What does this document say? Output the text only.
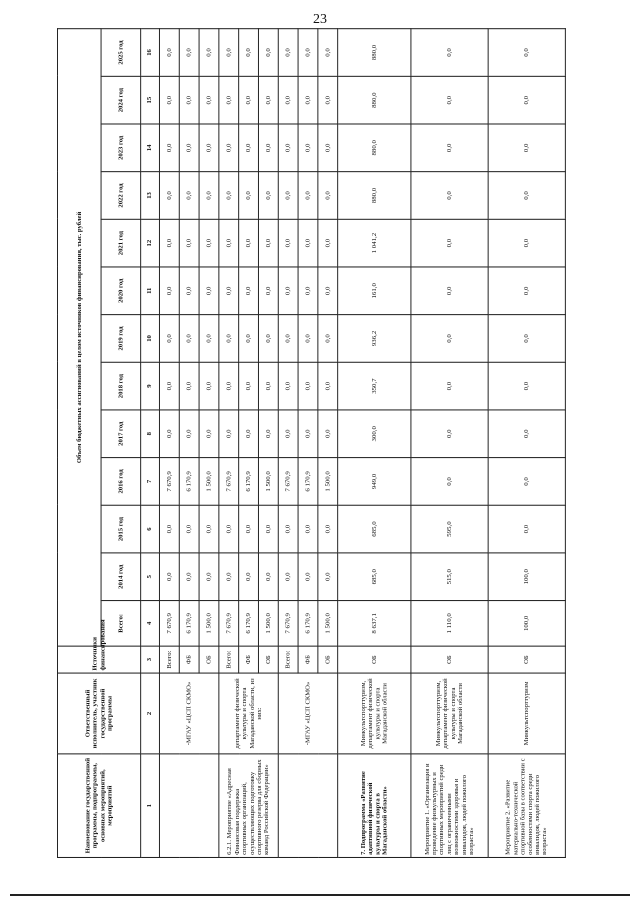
23
Наименование государственной программы, подпрограммы, основных мероприятий, мероприятий	Ответственный исполнитель, участник государственной программы	Источники финансирования	Объем бюджетных ассигнований в целом источников финансирования, тыс. рублей												
			Всего:	2014 год	2015 год	2016 год	2017 год	2018 год	2019 год	2020 год	2021 год	2022 год	2023 год	2024 год	2025 год
1	2	3	4	5	6	7	8	9	10	11	12	13	14	15	16
	-МГАУ «ЦСП СКМО»	Всего:	7 670,9	0,0	0,0	7 670,9	0,0	0,0	0,0	0,0	0,0	0,0	0,0	0,0	0,0
		ФБ	6 170,9	0,0	0,0	6 170,9	0,0	0,0	0,0	0,0	0,0	0,0	0,0	0,0	0,0
		ОБ	1 500,0	0,0	0,0	1 500,0	0,0	0,0	0,0	0,0	0,0	0,0	0,0	0,0	0,0
6.2.1. Мероприятие «Адресная Финансовая поддержка спортивных организаций, осуществляющих подготовку спортивного резерва для сборных команд Российской Федерации»	департамент физической культуры и спорта Магаданской области, из них:	Всего:	7 670,9	0,0	0,0	7 670,9	0,0	0,0	0,0	0,0	0,0	0,0	0,0	0,0	0,0
		ФБ	6 170,9	0,0	0,0	6 170,9	0,0	0,0	0,0	0,0	0,0	0,0	0,0	0,0	0,0
		ОБ	1 500,0	0,0	0,0	1 500,0	0,0	0,0	0,0	0,0	0,0	0,0	0,0	0,0	0,0
	-МГАУ «ЦСП СКМО»	Всего:	7 670,9	0,0	0,0	7 670,9	0,0	0,0	0,0	0,0	0,0	0,0	0,0	0,0	0,0
		ФБ	6 170,9	0,0	0,0	6 170,9	0,0	0,0	0,0	0,0	0,0	0,0	0,0	0,0	0,0
		ОБ	1 500,0	0,0	0,0	1 500,0	0,0	0,0	0,0	0,0	0,0	0,0	0,0	0,0	0,0
7. Подпрограмма «Развитие адаптивной физической культуры и спорта в Магаданской области»	Минкультспорттуризм, департамент физической культуры и спорта Магаданской области	ОБ	8 637,1	685,0	685,0	949,0	300,0	350,7	936,2	161,0	1 041,2	880,0	880,0	880,0	880,0
Мероприятие 1. «Организация и проведение физкультурных и спортивных мероприятий среди лиц с ограниченными возможностями здоровья и инвалидов, людей пожилого возраста»	Минкультспорттуризм, департамент физической культуры и спорта Магаданской области	ОБ	1 110,0	515,0	595,0	0,0	0,0	0,0	0,0	0,0	0,0	0,0	0,0	0,0	0,0
Мероприятие 2. «Развитие материально-технической спортивной базы в соответствии с особенностями спорта среди инвалидов, людей пожилого возраста»	Минкультспорттуризм	ОБ	100,0	100,0	0,0	0,0	0,0	0,0	0,0	0,0	0,0	0,0	0,0	0,0	0,0
